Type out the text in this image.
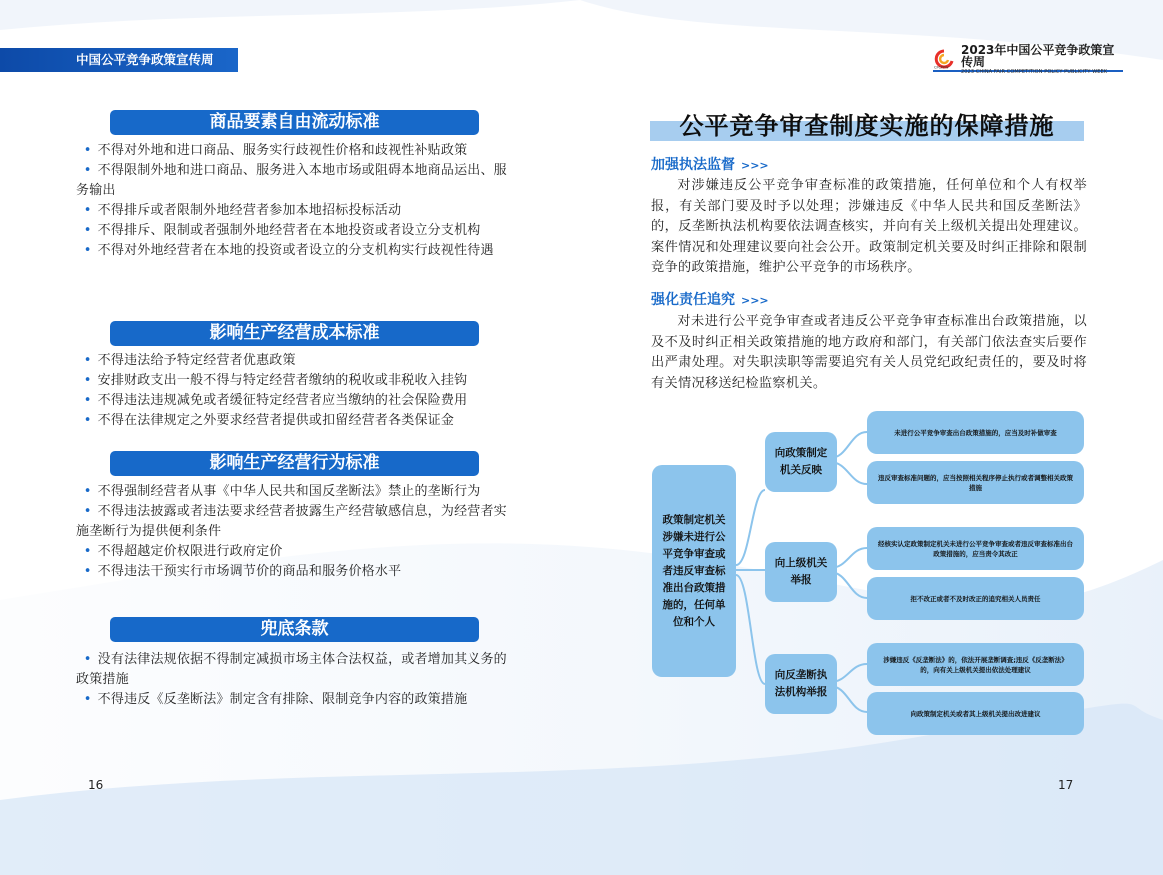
中国公平竞争政策宣传周
CFCPPW
2023年中国公平竞争政策宣传周
2023 CHINA FAIR COMPETITION POLICY PUBLICITY WEEK
商品要素自由流动标准
• 不得对外地和进口商品、服务实行歧视性价格和歧视性补贴政策
• 不得限制外地和进口商品、服务进入本地市场或阻碍本地商品运出、服务输出
• 不得排斥或者限制外地经营者参加本地招标投标活动
• 不得排斥、限制或者强制外地经营者在本地投资或者设立分支机构
• 不得对外地经营者在本地的投资或者设立的分支机构实行歧视性待遇
影响生产经营成本标准
• 不得违法给予特定经营者优惠政策
• 安排财政支出一般不得与特定经营者缴纳的税收或非税收入挂钩
• 不得违法违规减免或者缓征特定经营者应当缴纳的社会保险费用
• 不得在法律规定之外要求经营者提供或扣留经营者各类保证金
影响生产经营行为标准
• 不得强制经营者从事《中华人民共和国反垄断法》禁止的垄断行为
• 不得违法披露或者违法要求经营者披露生产经营敏感信息，为经营者实施垄断行为提供便利条件
• 不得超越定价权限进行政府定价
• 不得违法干预实行市场调节价的商品和服务价格水平
兜底条款
• 没有法律法规依据不得制定减损市场主体合法权益，或者增加其义务的政策措施
• 不得违反《反垄断法》制定含有排除、限制竞争内容的政策措施
16
公平竞争审查制度实施的保障措施
加强执法监督 >>>

对涉嫌违反公平竞争审查标准的政策措施，任何单位和个人有权举报，有关部门要及时予以处理；涉嫌违反《中华人民共和国反垄断法》的，反垄断执法机构要依法调查核实，并向有关上级机关提出处理建议。案件情况和处理建议要向社会公开。政策制定机关要及时纠正排除和限制竞争的政策措施，维护公平竞争的市场秩序。

强化责任追究 >>>

对未进行公平竞争审查或者违反公平竞争审查标准出台政策措施，以及不及时纠正相关政策措施的地方政府和部门，有关部门依法查实后要作出严肃处理。对失职渎职等需要追究有关人员党纪政纪责任的，要及时将有关情况移送纪检监察机关。

政策制定机关涉嫌未进行公平竞争审查或者违反审查标准出台政策措施的，任何单位和个人
向政策制定机关反映
向上级机关举报
向反垄断执法机构举报
未进行公平竞争审查出台政策措施的，应当及时补做审查
违反审查标准问题的，应当按照相关程序停止执行或者调整相关政策措施
经核实认定政策制定机关未进行公平竞争审查或者违反审查标准出台政策措施的，应当责令其改正
拒不改正或者不及时改正的追究相关人员责任
涉嫌违反《反垄断法》的，依法开展垄断调查;违反《反垄断法》的，向有关上级机关提出依法处理建议
向政策制定机关或者其上级机关提出改进建议
17
